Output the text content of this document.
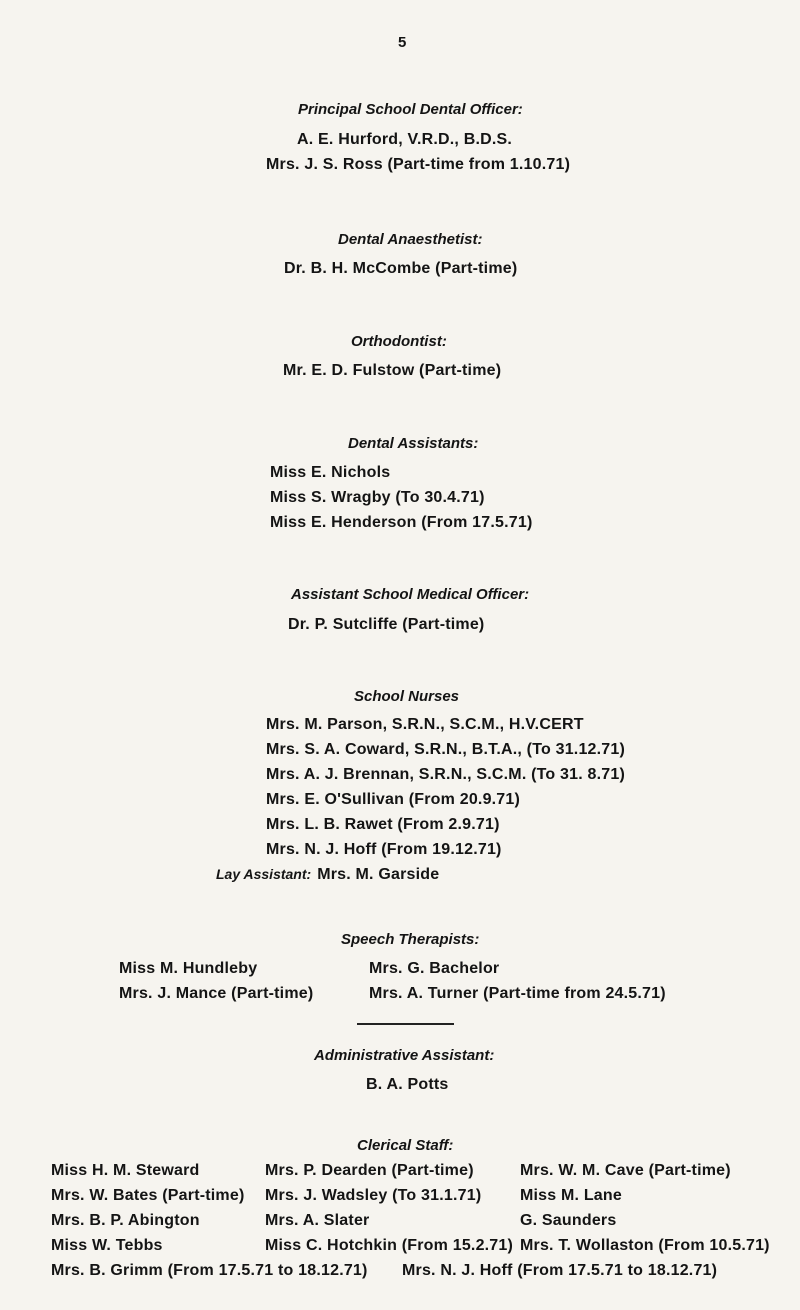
5
Principal School Dental Officer:
A. E. Hurford, V.R.D., B.D.S.
Mrs. J. S. Ross (Part-time from 1.10.71)
Dental Anaesthetist:
Dr. B. H. McCombe (Part-time)
Orthodontist:
Mr. E. D. Fulstow (Part-time)
Dental Assistants:
Miss E. Nichols
Miss S. Wragby (To 30.4.71)
Miss E. Henderson (From 17.5.71)
Assistant School Medical Officer:
Dr. P. Sutcliffe (Part-time)
School Nurses
Mrs. M. Parson, S.R.N., S.C.M., H.V.CERT
Mrs. S. A. Coward, S.R.N., B.T.A., (To 31.12.71)
Mrs. A. J. Brennan, S.R.N., S.C.M. (To 31. 8.71)
Mrs. E. O'Sullivan (From 20.9.71)
Mrs. L. B. Rawet (From 2.9.71)
Mrs. N. J. Hoff (From 19.12.71)
Lay Assistant: Mrs. M. Garside
Speech Therapists:
Miss M. Hundleby
Mrs. J. Mance (Part-time)
Mrs. G. Bachelor
Mrs. A. Turner (Part-time from 24.5.71)
Administrative Assistant:
B. A. Potts
Clerical Staff:
Miss H. M. Steward
Mrs. W. Bates (Part-time)
Mrs. B. P. Abington
Miss W. Tebbs
Mrs. P. Dearden (Part-time)
Mrs. J. Wadsley (To 31.1.71)
Mrs. A. Slater
Miss C. Hotchkin (From 15.2.71)
Mrs. W. M. Cave (Part-time)
Miss M. Lane
G. Saunders
Mrs. T. Wollaston (From 10.5.71)
Mrs. B. Grimm (From 17.5.71 to 18.12.71) Mrs. N. J. Hoff (From 17.5.71 to 18.12.71)
